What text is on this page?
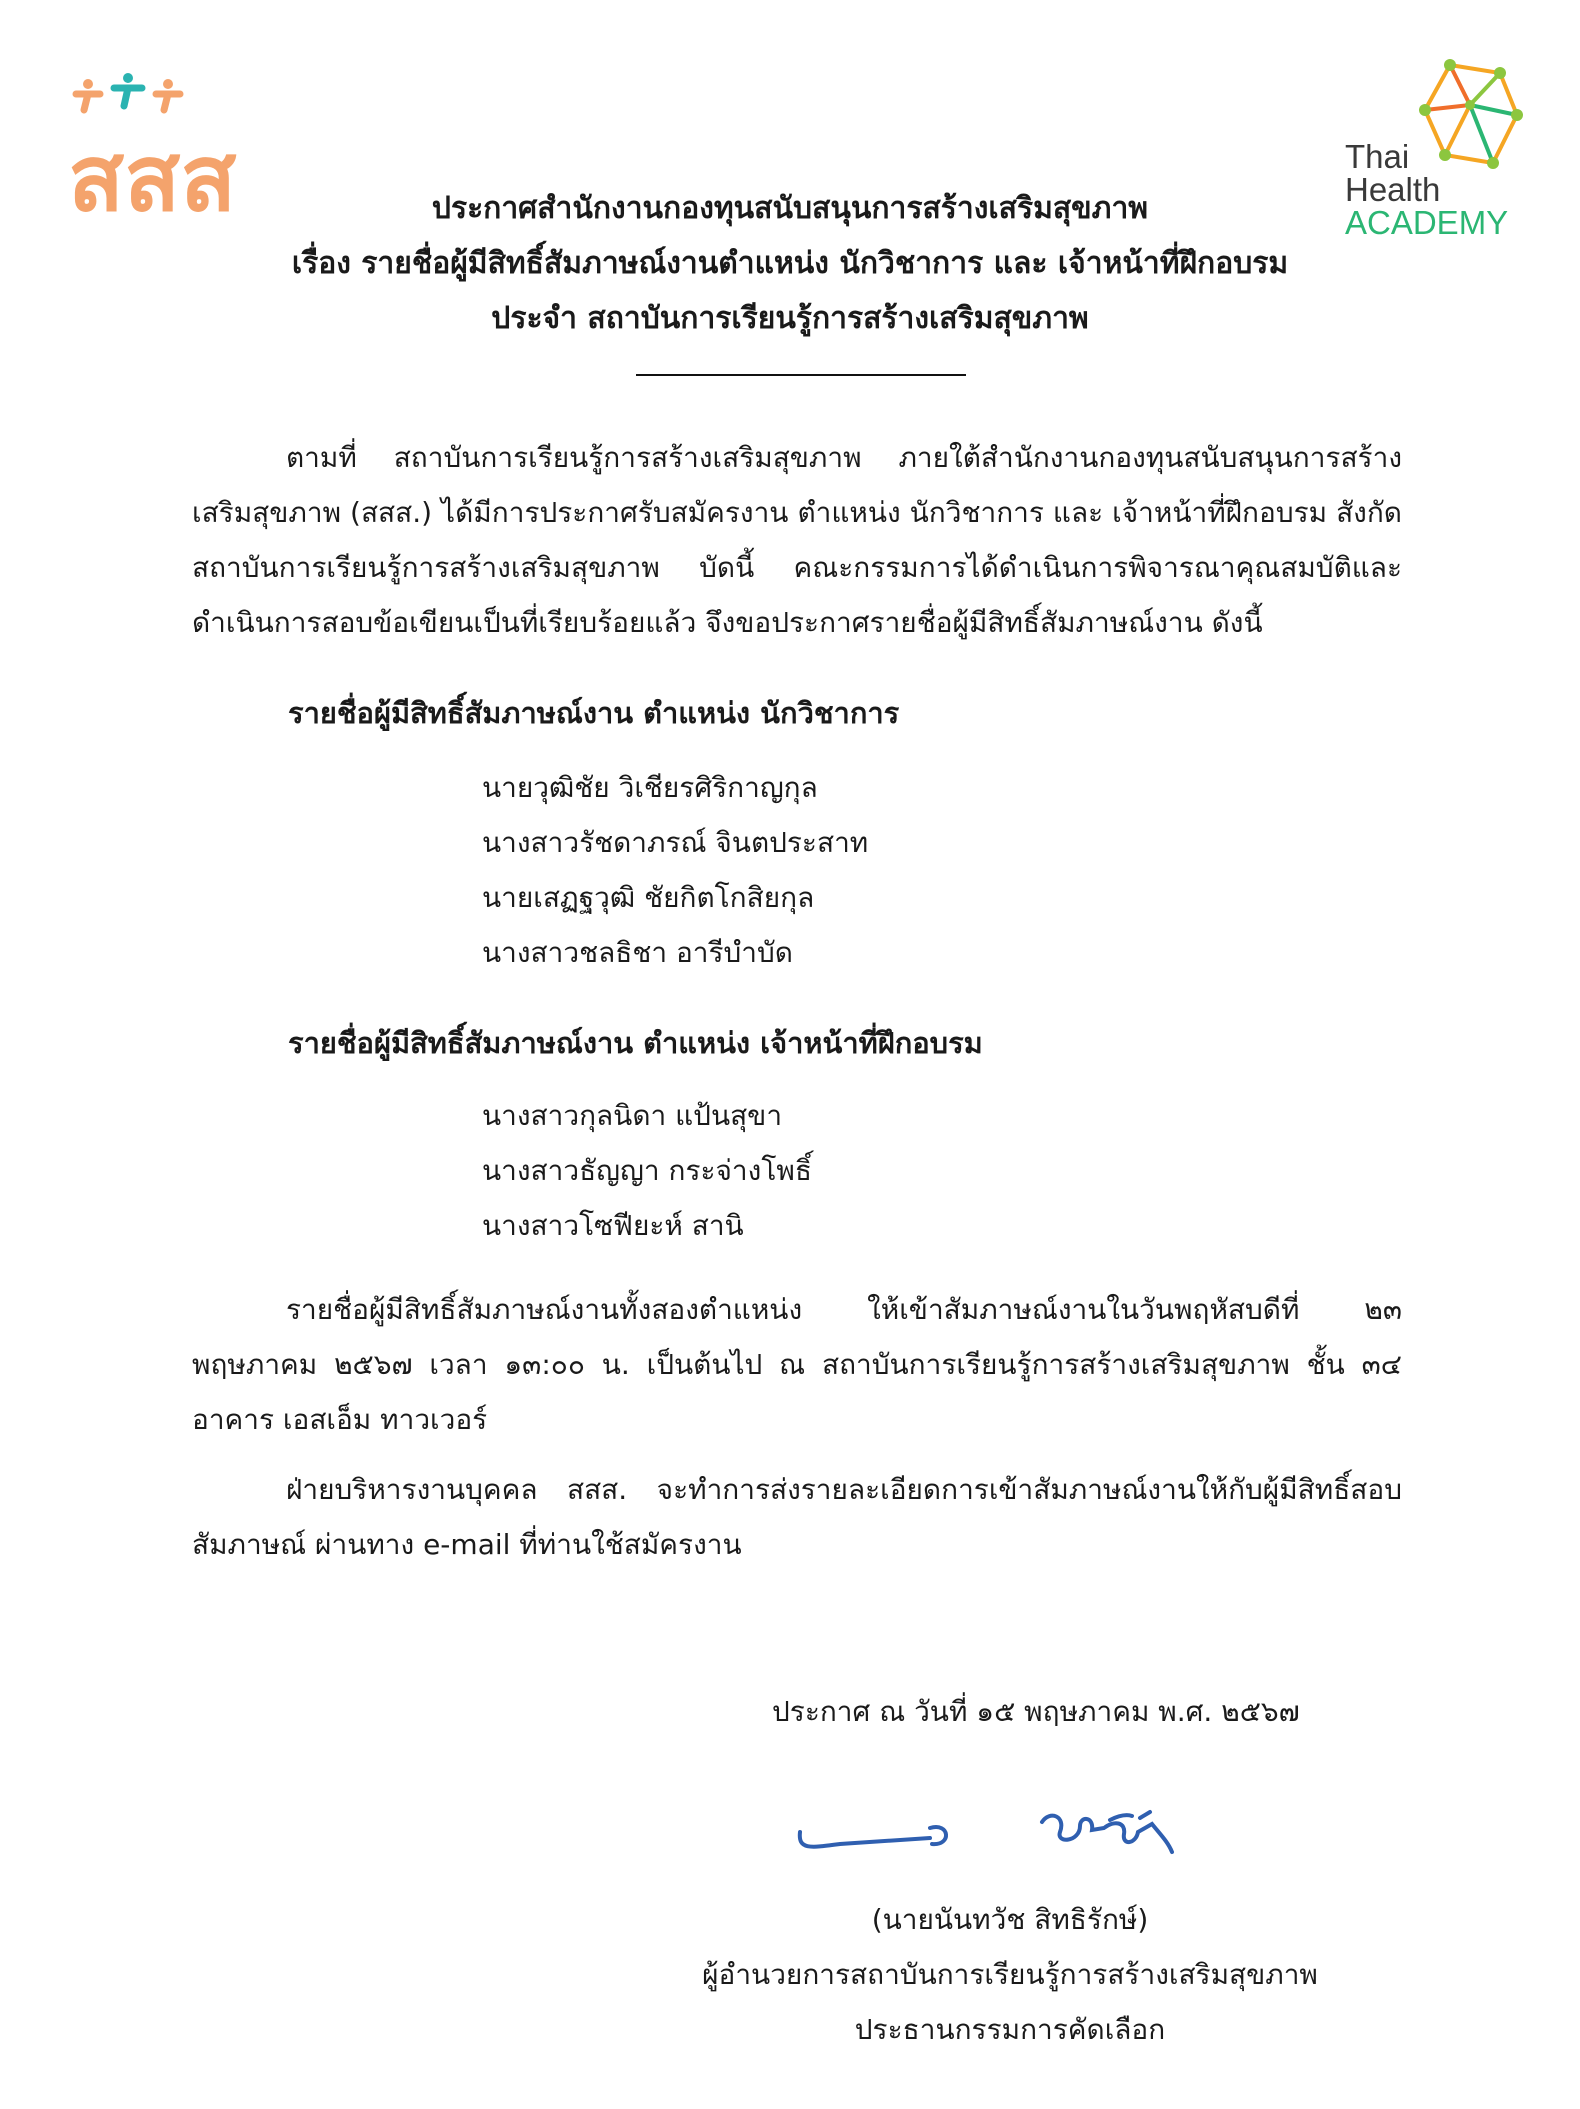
สสส	Thai
Health
ACADEMY
ประกาศสำนักงานกองทุนสนับสนุนการสร้างเสริมสุขภาพ
เรื่อง รายชื่อผู้มีสิทธิ์สัมภาษณ์งานตำแหน่ง นักวิชาการ และ เจ้าหน้าที่ฝึกอบรม
ประจำ สถาบันการเรียนรู้การสร้างเสริมสุขภาพ

ตามที่ สถาบันการเรียนรู้การสร้างเสริมสุขภาพ ภายใต้สำนักงานกองทุนสนับสนุนการสร้างเสริมสุขภาพ (สสส.) ได้มีการประกาศรับสมัครงาน ตำแหน่ง นักวิชาการ และ เจ้าหน้าที่ฝึกอบรม สังกัดสถาบันการเรียนรู้การสร้างเสริมสุขภาพ บัดนี้ คณะกรรมการได้ดำเนินการพิจารณาคุณสมบัติและดำเนินการสอบข้อเขียนเป็นที่เรียบร้อยแล้ว จึงขอประกาศรายชื่อผู้มีสิทธิ์สัมภาษณ์งาน ดังนี้

รายชื่อผู้มีสิทธิ์สัมภาษณ์งาน ตำแหน่ง นักวิชาการ
นายวุฒิชัย วิเชียรศิริกาญกุล
นางสาวรัชดาภรณ์ จินตประสาท
นายเสฏฐวุฒิ ชัยกิตโกสิยกุล
นางสาวชลธิชา อารีบำบัด
รายชื่อผู้มีสิทธิ์สัมภาษณ์งาน ตำแหน่ง เจ้าหน้าที่ฝึกอบรม
นางสาวกุลนิดา แป้นสุขา
นางสาวธัญญา กระจ่างโพธิ์
นางสาวโซฟียะห์ สานิ

รายชื่อผู้มีสิทธิ์สัมภาษณ์งานทั้งสองตำแหน่ง ให้เข้าสัมภาษณ์งานในวันพฤหัสบดีที่ ๒๓ พฤษภาคม ๒๕๖๗ เวลา ๑๓:๐๐ น. เป็นต้นไป ณ สถาบันการเรียนรู้การสร้างเสริมสุขภาพ ชั้น ๓๔ อาคาร เอสเอ็ม ทาวเวอร์

ฝ่ายบริหารงานบุคคล สสส. จะทำการส่งรายละเอียดการเข้าสัมภาษณ์งานให้กับผู้มีสิทธิ์สอบสัมภาษณ์ ผ่านทาง e-mail ที่ท่านใช้สมัครงาน

ประกาศ ณ วันที่ ๑๕ พฤษภาคม พ.ศ. ๒๕๖๗
(นายนันทวัช สิทธิรักษ์)
ผู้อำนวยการสถาบันการเรียนรู้การสร้างเสริมสุขภาพ
ประธานกรรมการคัดเลือก
